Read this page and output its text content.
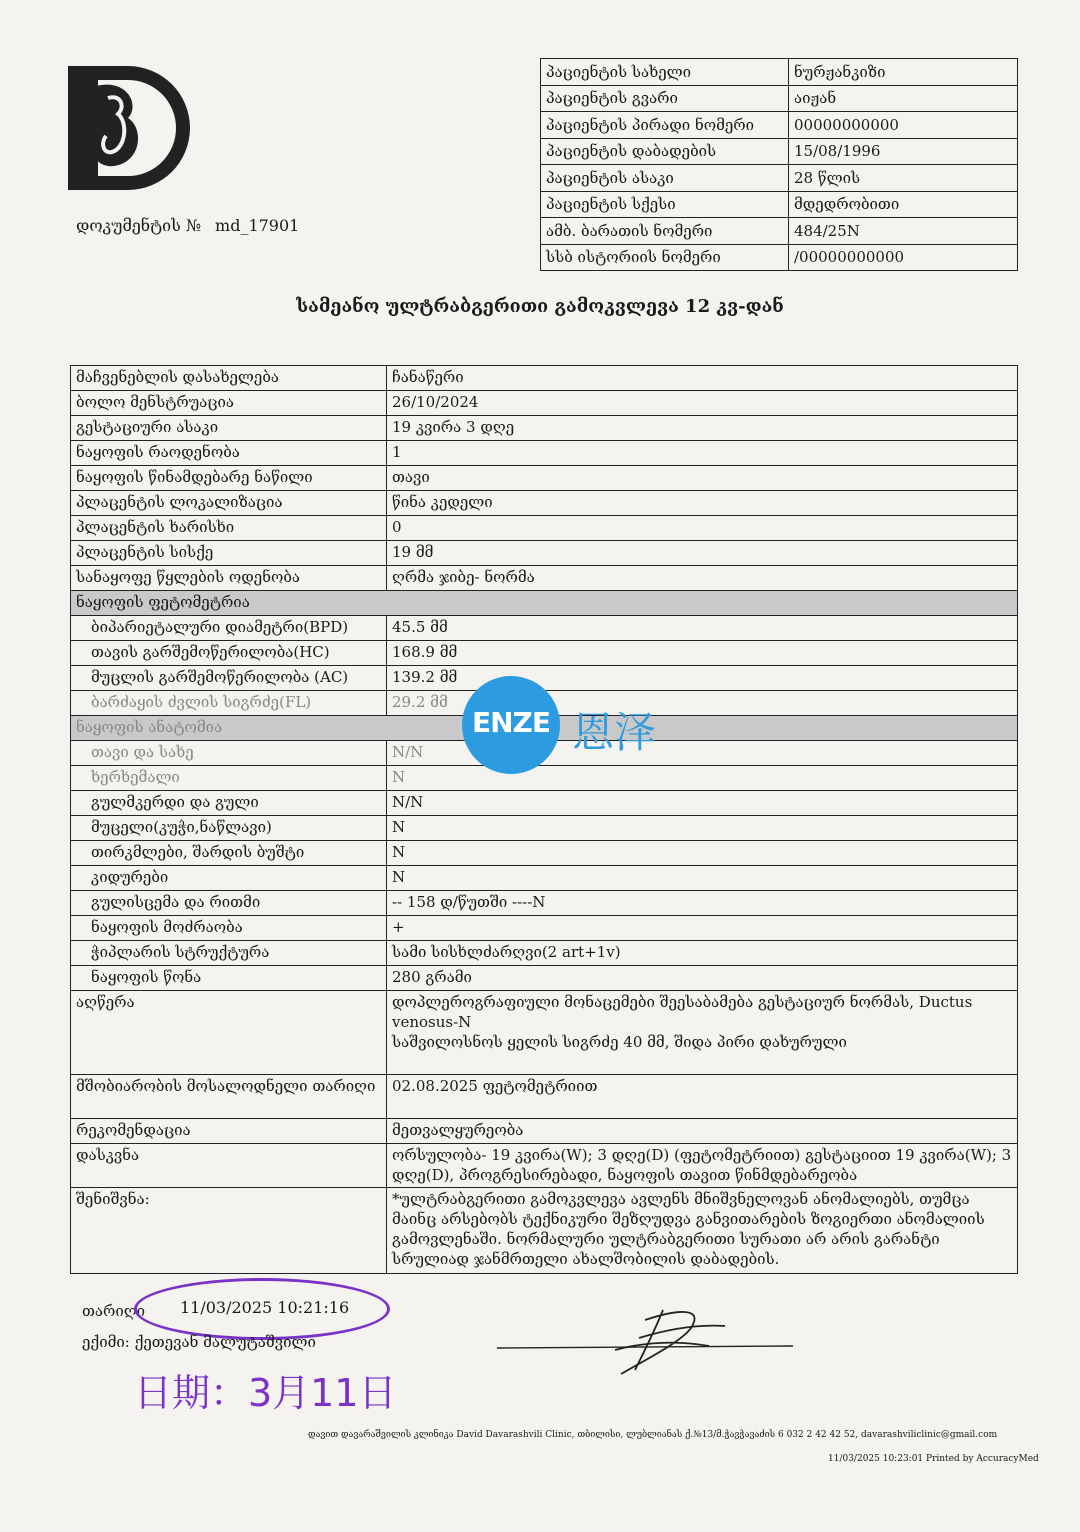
დოკუმენტის № md_17901
პაციენტის სახელი	ნურჟანკიზი
პაციენტის გვარი	აიჟან
პაციენტის პირადი ნომერი	00000000000
პაციენტის დაბადების	15/08/1996
პაციენტის ასაკი	28 წლის
პაციენტის სქესი	მდედრობითი
ამბ. ბარათის ნომერი	484/25N
სსბ ისტორიის ნომერი	/00000000000
სამეანო ულტრაბგერითი გამოკვლევა 12 კვ-დან
მაჩვენებლის დასახელება	ჩანაწერი
ბოლო მენსტრუაცია	26/10/2024
გესტაციური ასაკი	19 კვირა 3 დღე
ნაყოფის რაოდენობა	1
ნაყოფის წინამდებარე ნაწილი	თავი
პლაცენტის ლოკალიზაცია	წინა კედელი
პლაცენტის ხარისხი	0
პლაცენტის სისქე	19 მმ
სანაყოფე წყლების ოდენობა	ღრმა ჯიბე- ნორმა
ნაყოფის ფეტომეტრია	
ბიპარიეტალური დიამეტრი(BPD)	45.5 მმ
თავის გარშემოწერილობა(HC)	168.9 მმ
მუცლის გარშემოწერილობა (AC)	139.2 მმ
ბარძაყის ძვლის სიგრძე(FL)	29.2 მმ
ნაყოფის ანატომია	
თავი და სახე	N/N
ხერხემალი	N
გულმკერდი და გული	N/N
მუცელი(კუჭი,ნაწლავი)	N
თირკმლები, შარდის ბუშტი	N
კიდურები	N
გულისცემა და რითმი	-- 158 დ/წუთში ----N
ნაყოფის მოძრაობა	+
ჭიპლარის სტრუქტურა	სამი სისხლძარღვი(2 art+1v)
ნაყოფის წონა	280 გრამი
აღწერა	დოპლეროგრაფიული მონაცემები შეესაბამება გესტაციურ ნორმას, Ductus venosus-N
საშვილოსნოს ყელის სიგრძე 40 მმ, შიდა პირი დახურული

მშობიარობის მოსალოდნელი თარიღი	02.08.2025 ფეტომეტრიით
რეკომენდაცია	მეთვალყურეობა
დასკვნა	ორსულობა- 19 კვირა(W); 3 დღე(D) (ფეტომეტრიით) გესტაციით 19 კვირა(W); 3 დღე(D), პროგრესირებადი, ნაყოფის თავით წინმდებარეობა
შენიშვნა:	*ულტრაბგერითი გამოკვლევა ავლენს მნიშვნელოვან ანომალიებს, თუმცა მაინც არსებობს ტექნიკური შეზღუდვა განვითარების ზოგიერთი ანომალიის გამოვლენაში. ნორმალური ულტრაბგერითი სურათი არ არის გარანტი სრულიად ჯანმრთელი ახალშობილის დაბადების.
ENZE 恩泽
თარიღი 11/03/2025 10:21:16
ექიმი: ქეთევან მალუტაშვილი
日期：3月11日
დავით დავარაშვილის კლინიკა David Davarashvili Clinic, თბილისი, ლუბლიანას ქ.№13/მ.ჭავჭავაძის 6 032 2 42 42 52, davarashviliclinic@gmail.com
11/03/2025 10:23:01 Printed by AccuracyMed
